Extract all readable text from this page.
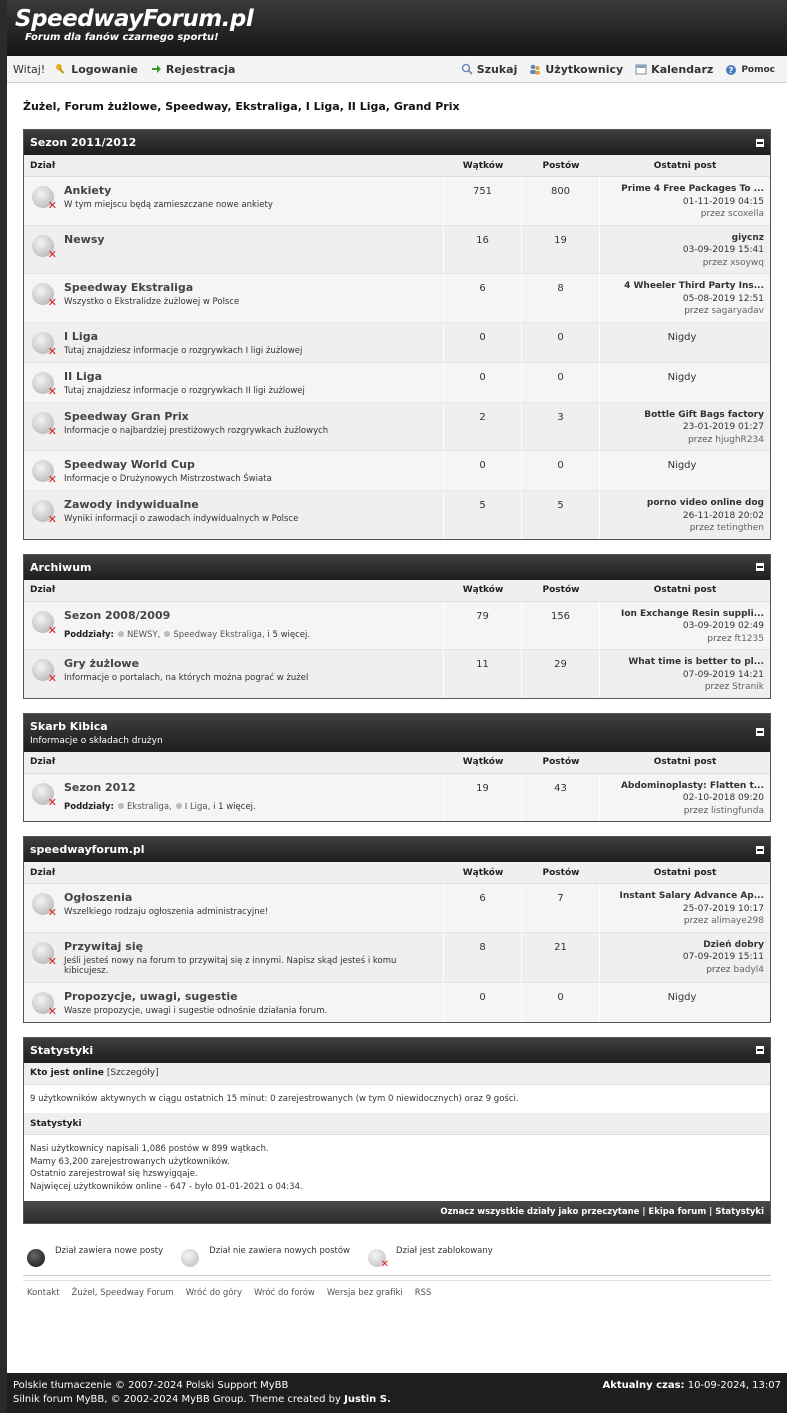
SpeedwayForum.pl
Forum dla fanów czarnego sportu!
Witaj! Logowanie	Rejestracja	Szukaj	Użytkownicy	Kalendarz ? Pomoc
Żużel, Forum żużlowe, Speedway, Ekstraliga, I Liga, II Liga, Grand Prix
Sezon 2011/2012
Dział	Wątków	Postów	Ostatni post
✕
Ankiety
W tym miejscu będą zamieszczane nowe ankiety
751	800	Prime 4 Free Packages To ...
01-11-2019 04:15
przez scoxella
✕
Newsy	16	19	giycnz
03-09-2019 15:41
przez xsoywq
✕
Speedway Ekstraliga
Wszystko o Ekstralidze żużlowej w Polsce
6	8	4 Wheeler Third Party Ins...
05-08-2019 12:51
przez sagaryadav
✕
I Liga
Tutaj znajdziesz informacje o rozgrywkach I ligi żużlowej
0	0	Nigdy
✕
II Liga
Tutaj znajdziesz informacje o rozgrywkach II ligi żużlowej
0	0	Nigdy
✕
Speedway Gran Prix
Informacje o najbardziej prestiżowych rozgrywkach żużlowych
2	3	Bottle Gift Bags factory
23-01-2019 01:27
przez hjughR234
✕
Speedway World Cup
Informacje o Drużynowych Mistrzostwach Świata
0	0	Nigdy
✕
Zawody indywidualne
Wyniki informacji o zawodach indywidualnych w Polsce
5	5	porno video online dog
26-11-2018 20:02
przez tetingthen
Archiwum
Dział	Wątków	Postów	Ostatni post
✕
Sezon 2008/2009
Poddziały: NEWSY, Speedway Ekstraliga, i 5 więcej.
79	156	Ion Exchange Resin suppli...
03-09-2019 02:49
przez ft1235
✕
Gry żużlowe
Informacje o portalach, na których można pograć w żużel
11	29	What time is better to pl...
07-09-2019 14:21
przez Stranik
Skarb Kibica
Informacje o składach drużyn
Dział	Wątków	Postów	Ostatni post
✕
Sezon 2012
Poddziały: Ekstraliga, I Liga, i 1 więcej.
19	43	Abdominoplasty: Flatten t...
02-10-2018 09:20
przez listingfunda
speedwayforum.pl
Dział	Wątków	Postów	Ostatni post
✕
Ogłoszenia
Wszelkiego rodzaju ogłoszenia administracyjne!
6	7	Instant Salary Advance Ap...
25-07-2019 10:17
przez alimaye298
✕
Przywitaj się
Jeśli jesteś nowy na forum to przywitaj się z innymi. Napisz skąd jesteś i komu kibicujesz.
8	21	Dzień dobry
07-09-2019 15:11
przez badyl4
✕
Propozycje, uwagi, sugestie
Wasze propozycje, uwagi i sugestie odnośnie działania forum.
0	0	Nigdy
Statystyki
Kto jest online [Szczegóły]
9 użytkowników aktywnych w ciągu ostatnich 15 minut: 0 zarejestrowanych (w tym 0 niewidocznych) oraz 9 gości.
Statystyki
Nasi użytkownicy napisali 1,086 postów w 899 wątkach.
Mamy 63,200 zarejestrowanych użytkowników.
Ostatnio zarejestrował się hzswyigqaje.
Najwięcej użytkowników online - 647 - było 01-01-2021 o 04:34.
Oznacz wszystkie działy jako przeczytane | Ekipa forum | Statystyki
Dział zawiera nowe posty	Dział nie zawiera nowych postów
✕	Dział jest zablokowany
Kontakt Żużel, Speedway Forum Wróć do góry Wróć do forów Wersja bez grafiki RSS
Polskie tłumaczenie © 2007-2024 Polski Support MyBB
Silnik forum MyBB, © 2002-2024 MyBB Group. Theme created by Justin S.
Aktualny czas: 10-09-2024, 13:07
